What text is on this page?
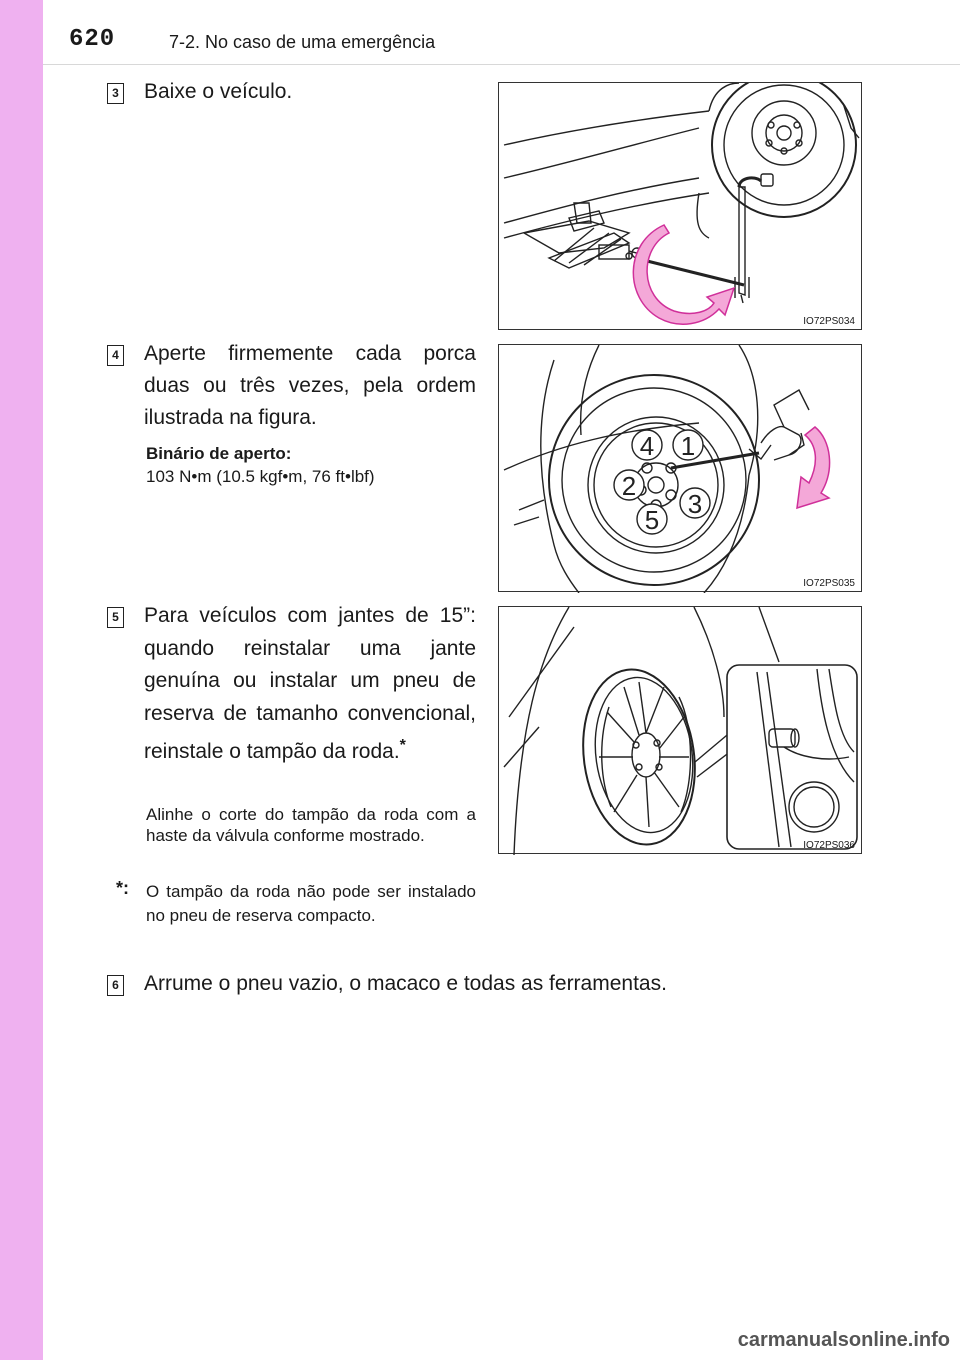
620	7-2. No caso de uma emergência
3 Baixe o veículo.
IO72PS034
4 Aperte firmemente cada porca duas ou três vezes, pela ordem ilustrada na figura.
Binário de aperto:
103 N•m (10.5 kgf•m, 76 ft•lbf)
4 1
2
3
5
IO72PS035
5 Para veículos com jantes de 15”: quando reinstalar uma jante genuína ou instalar um pneu de reserva de tamanho convencional, reinstale o tampão da roda.*
Alinhe o corte do tampão da roda com a haste da válvula conforme mostrado.
*:	O tampão da roda não pode ser instalado no pneu de reserva compacto.
IO72PS036
6 Arrume o pneu vazio, o macaco e todas as ferramentas.
carmanualsonline.info
